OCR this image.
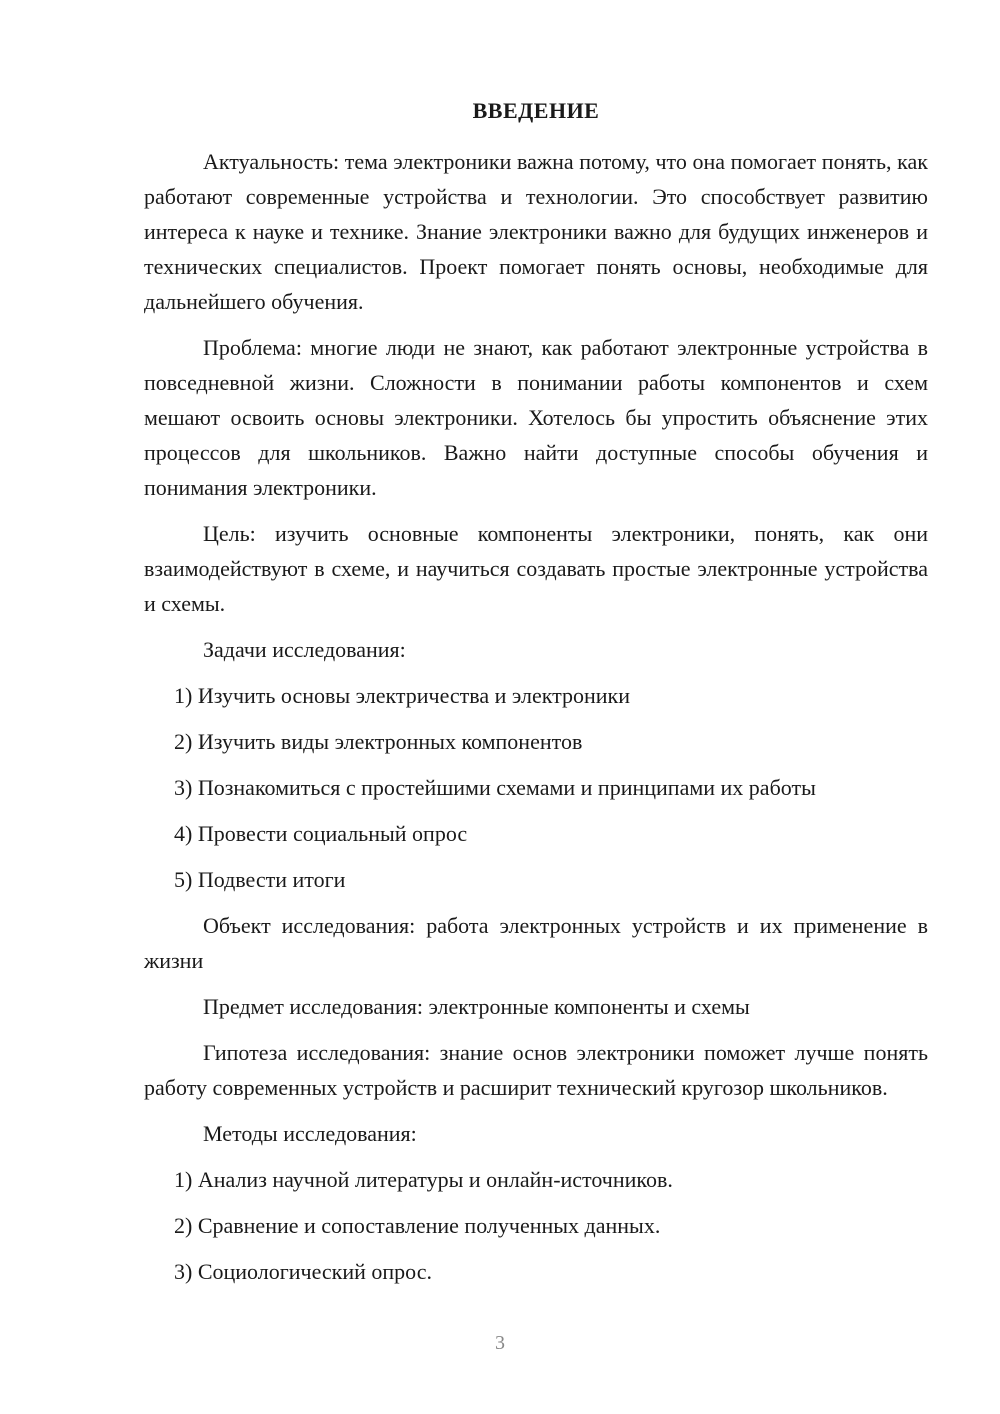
ВВЕДЕНИЕ

Актуальность: тема электроники важна потому, что она помогает понять, как работают современные устройства и технологии. Это способствует развитию интереса к науке и технике. Знание электроники важно для будущих инженеров и технических специалистов. Проект помогает понять основы, необходимые для дальнейшего обучения.

Проблема: многие люди не знают, как работают электронные устройства в повседневной жизни. Сложности в понимании работы компонентов и схем мешают освоить основы электроники. Хотелось бы упростить объяснение этих процессов для школьников. Важно найти доступные способы обучения и понимания электроники.

Цель: изучить основные компоненты электроники, понять, как они взаимодействуют в схеме, и научиться создавать простые электронные устройства и схемы.

Задачи исследования:

1) Изучить основы электричества и электроники

2) Изучить виды электронных компонентов

3) Познакомиться с простейшими схемами и принципами их работы

4) Провести социальный опрос

5) Подвести итоги

Объект исследования: работа электронных устройств и их применение в жизни

Предмет исследования: электронные компоненты и схемы

Гипотеза исследования: знание основ электроники поможет лучше понять работу современных устройств и расширит технический кругозор школьников.

Методы исследования:

1) Анализ научной литературы и онлайн-источников.

2) Сравнение и сопоставление полученных данных.

3) Социологический опрос.

3
